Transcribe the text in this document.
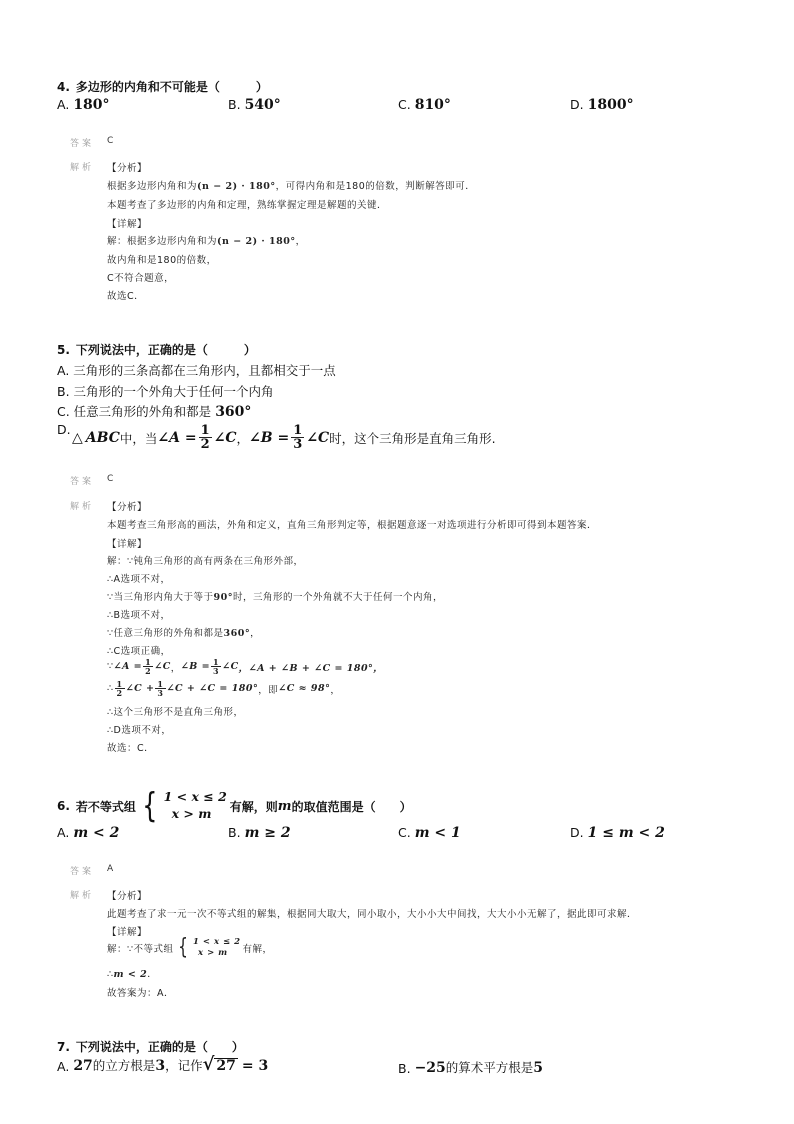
4. 多边形的内角和不可能是（　　　）
A. 180°	B. 540°	C. 810°	D. 1800°
答案 C
解析 【分析】
根据多边形内角和为(n − 2) · 180°，可得内角和是180的倍数，判断解答即可．
本题考查了多边形的内角和定理，熟练掌握定理是解题的关键．
【详解】
解：根据多边形内角和为(n − 2) · 180°，
故内角和是180的倍数，
C不符合题意，
故选C．
5. 下列说法中，正确的是（　　　）
A. 三角形的三条高都在三角形内，且都相交于一点
B. 三角形的一个外角大于任何一个内角
C. 任意三角形的外角和都是 360°
D. △ ABC 中，当 ∠A = $\frac{1}{2}$ ∠C ， ∠B = $\frac{1}{3}$ ∠C 时，这个三角形是直角三角形.
答案 C
解析 【分析】
本题考查三角形高的画法，外角和定义，直角三角形判定等，根据题意逐一对选项进行分析即可得到本题答案．
【详解】
解：∵钝角三角形的高有两条在三角形外部，
∴A选项不对，
∵当三角形内角大于等于90°时，三角形的一个外角就不大于任何一个内角，
∴B选项不对，
∵任意三角形的外角和都是360°，
∴C选项正确，
∵ ∠A = $\frac{1}{2}$ ∠C ， ∠B = $\frac{1}{3}$ ∠C ，∠A + ∠B + ∠C = 180°，
∴ $\frac{1}{2}$ ∠C + $\frac{1}{3}$ ∠C + ∠C = 180° ，即 ∠C ≈ 98° ，
∴这个三角形不是直角三角形，
∴D选项不对，
故选：C．
6. 若不等式组 { 1 < x ≤ 2
x > m	有解，则 m 的取值范围是（　　）
A. m < 2	B. m ≥ 2	C. m < 1	D. 1 ≤ m < 2
答案 A
解析 【分析】
此题考查了求一元一次不等式组的解集，根据同大取大，同小取小，大小小大中间找，大大小小无解了，据此即可求解．
【详解】
解：∵不等式组 { 1 < x ≤ 2
x > m	有解，
∴m < 2．
故答案为：A．
7. 下列说法中，正确的是（　　）
A. 27 的立方根是 3 ，记作 √ 27 = 3	B. −25 的算术平方根是 5
